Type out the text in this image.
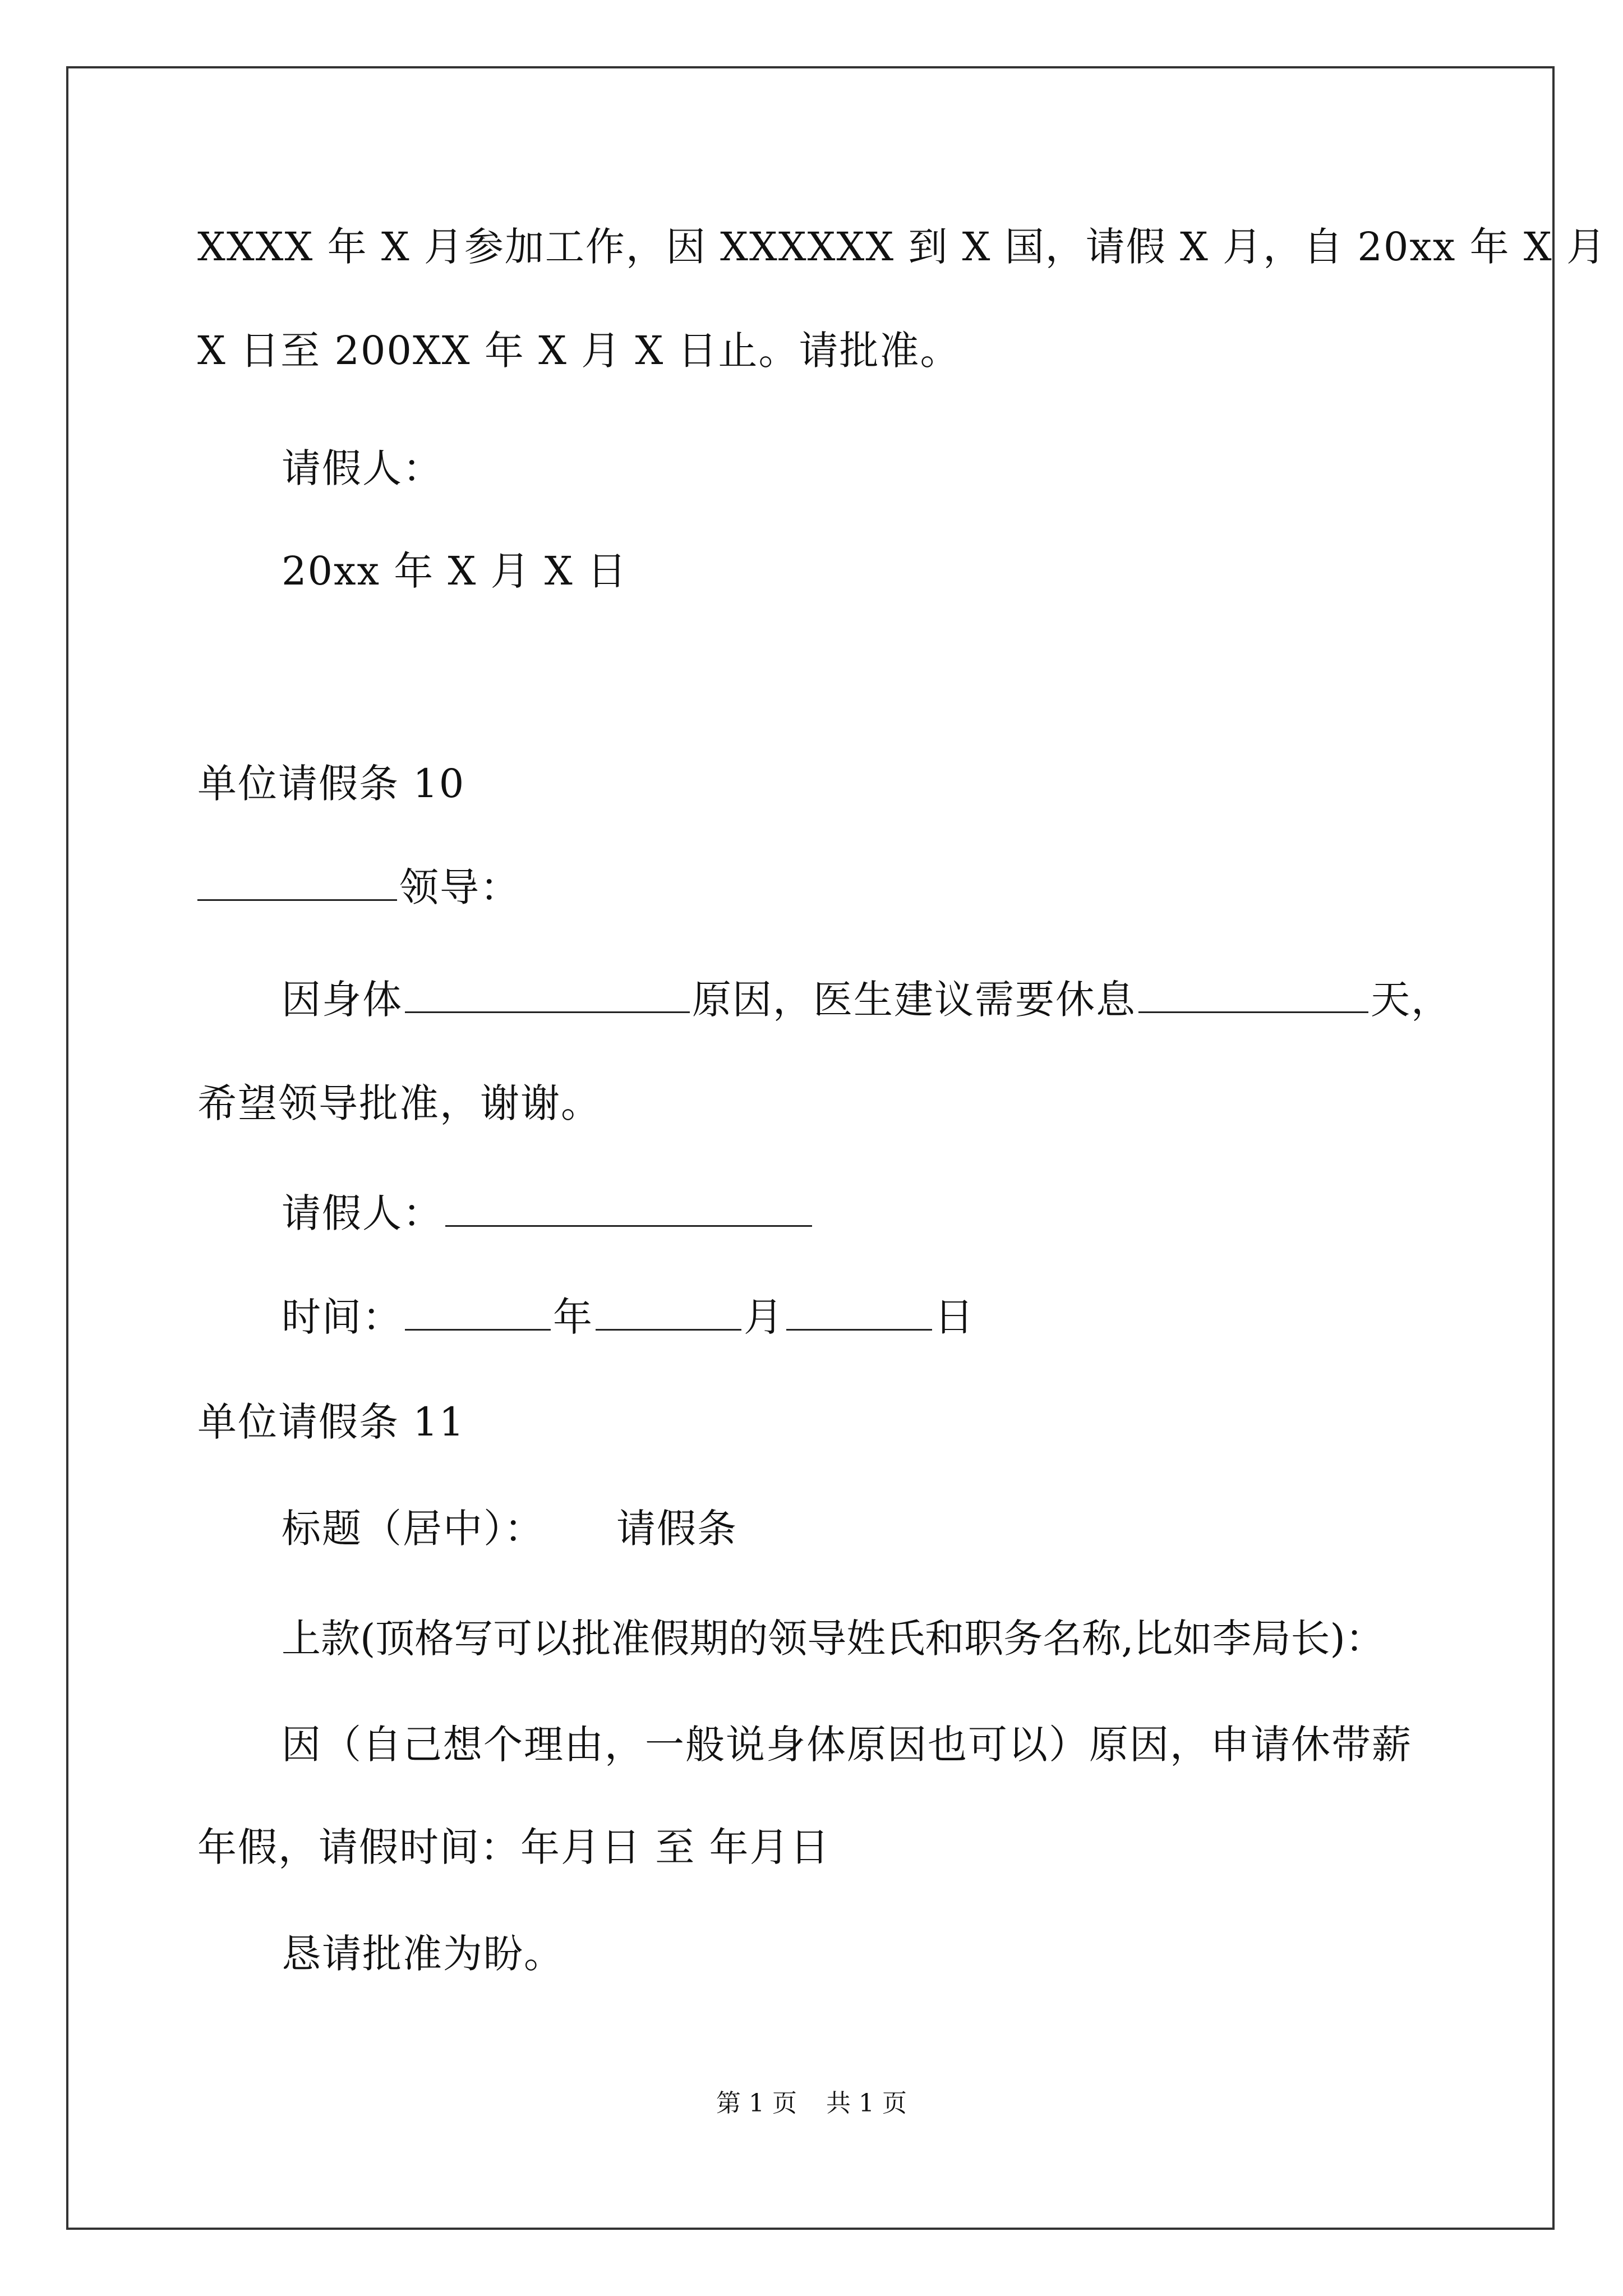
XXXX 年 X 月参加工作，因 XXXXXX 到 X 国，请假 X 月，自 20xx 年 X 月
X 日至 200XX 年 X 月 X 日止。请批准。
请假人：
20xx 年 X 月 X 日
单位请假条 10
领导：
因身体	原因，医生建议需要休息	天，
希望领导批准，谢谢。
请假人：
时间：	年	月	日
单位请假条 11
标题（居中）： 请假条
上款(顶格写可以批准假期的领导姓氏和职务名称,比如李局长)：
因（自己想个理由，一般说身体原因也可以）原因，申请休带薪
年假，请假时间：年月日 至 年月日
恳请批准为盼。
第 1 页 共 1 页
